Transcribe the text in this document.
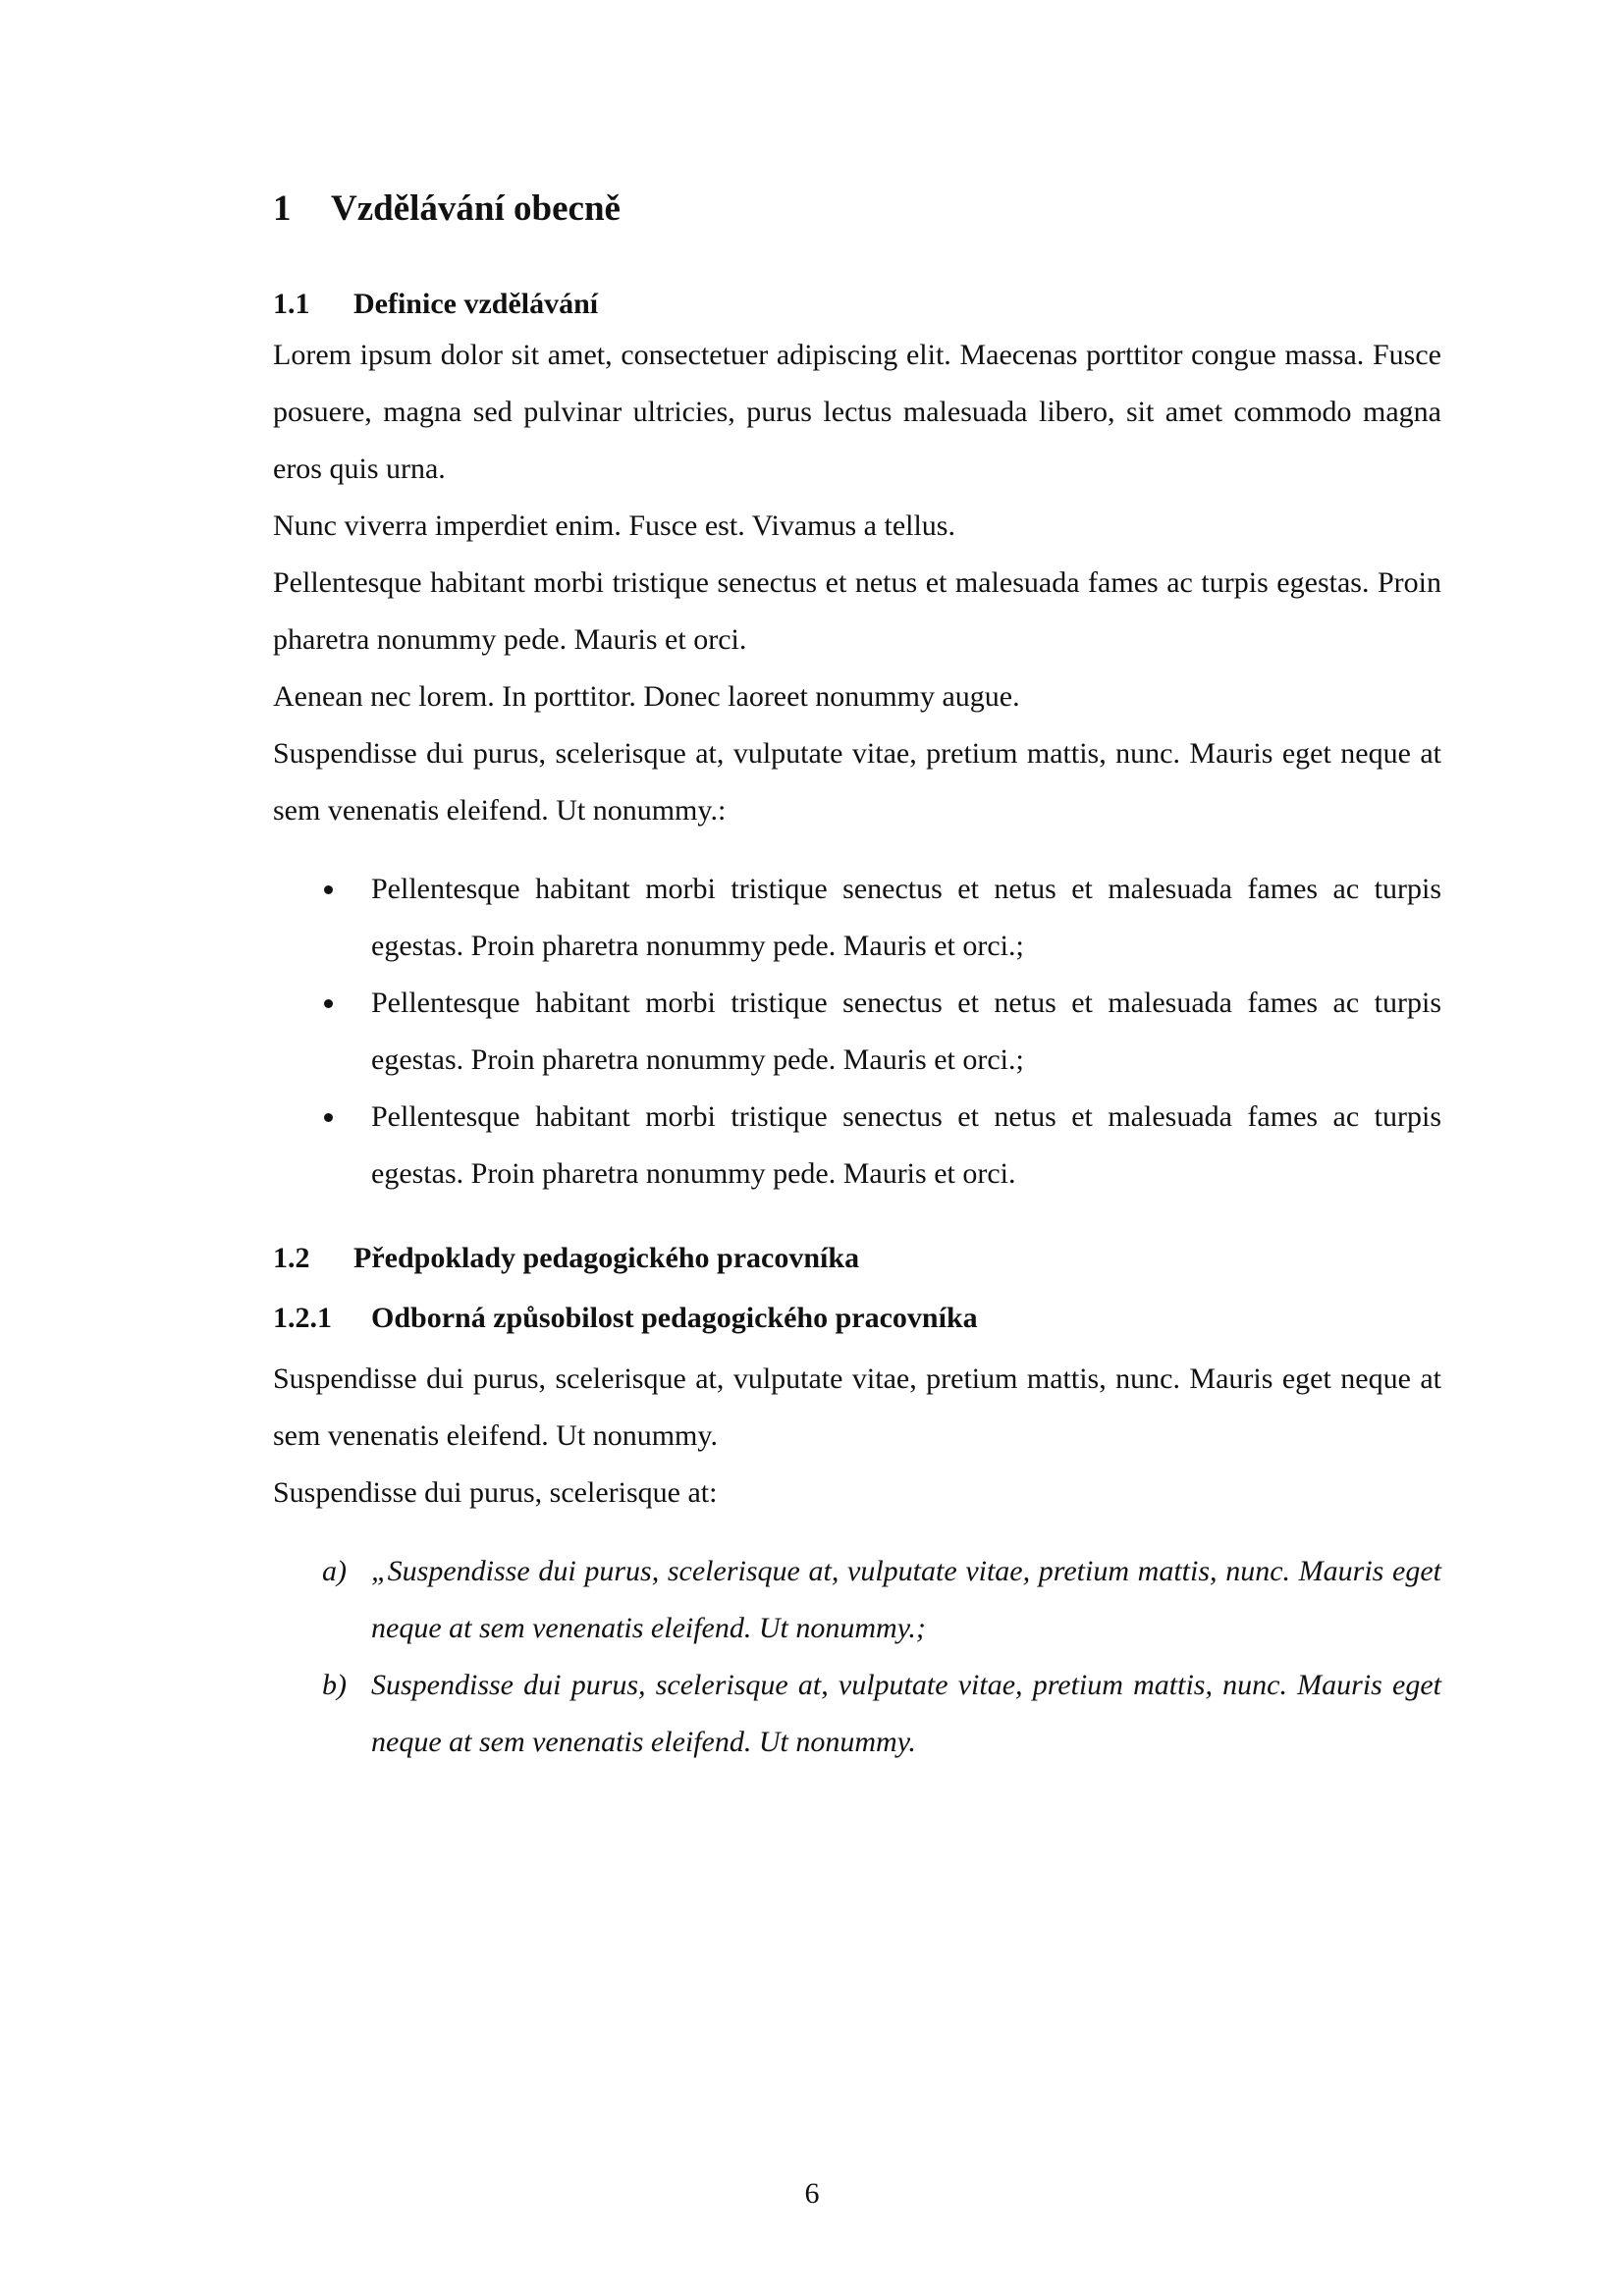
1	Vzdělávání obecně
1.1	Definice vzdělávání

Lorem ipsum dolor sit amet, consectetuer adipiscing elit. Maecenas porttitor congue massa. Fusce posuere, magna sed pulvinar ultricies, purus lectus malesuada libero, sit amet commodo magna eros quis urna.

Nunc viverra imperdiet enim. Fusce est. Vivamus a tellus.

Pellentesque habitant morbi tristique senectus et netus et malesuada fames ac turpis egestas. Proin pharetra nonummy pede. Mauris et orci.

Aenean nec lorem. In porttitor. Donec laoreet nonummy augue.

Suspendisse dui purus, scelerisque at, vulputate vitae, pretium mattis, nunc. Mauris eget neque at sem venenatis eleifend. Ut nonummy.:

Pellentesque habitant morbi tristique senectus et netus et malesuada fames ac turpis egestas. Proin pharetra nonummy pede. Mauris et orci.;
Pellentesque habitant morbi tristique senectus et netus et malesuada fames ac turpis egestas. Proin pharetra nonummy pede. Mauris et orci.;
Pellentesque habitant morbi tristique senectus et netus et malesuada fames ac turpis egestas. Proin pharetra nonummy pede. Mauris et orci.
1.2	Předpoklady pedagogického pracovníka
1.2.1	Odborná způsobilost pedagogického pracovníka

Suspendisse dui purus, scelerisque at, vulputate vitae, pretium mattis, nunc. Mauris eget neque at sem venenatis eleifend. Ut nonummy.

Suspendisse dui purus, scelerisque at:

a) „Suspendisse dui purus, scelerisque at, vulputate vitae, pretium mattis, nunc. Mauris eget neque at sem venenatis eleifend. Ut nonummy.;
b) Suspendisse dui purus, scelerisque at, vulputate vitae, pretium mattis, nunc. Mauris eget neque at sem venenatis eleifend. Ut nonummy.
6
